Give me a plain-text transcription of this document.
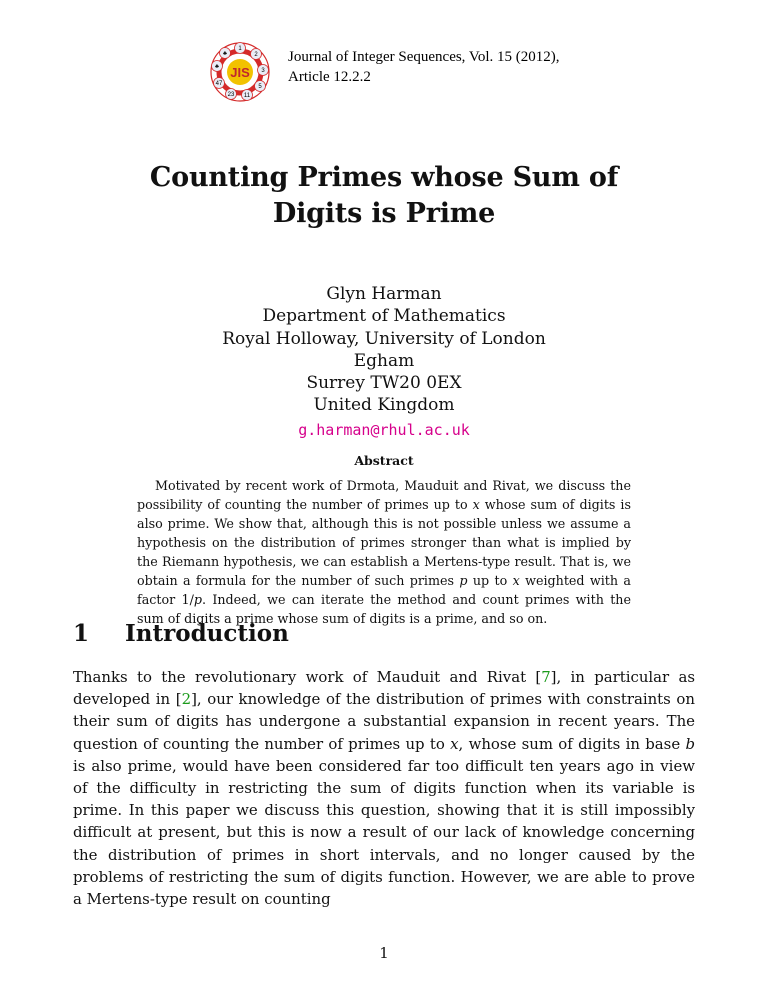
JIS
1
2
3
5
11
23
47
♣
♣	Journal of Integer Sequences, Vol. 15 (2012),
Article 12.2.2
Counting Primes whose Sum of
Digits is Prime
Glyn Harman
Department of Mathematics
Royal Holloway, University of London
Egham
Surrey TW20 0EX
United Kingdom
g.harman@rhul.ac.uk
Abstract
Motivated by recent work of Drmota, Mauduit and Rivat, we discuss the possibility of counting the number of primes up to x whose sum of digits is also prime. We show that, although this is not possible unless we assume a hypothesis on the distribution of primes stronger than what is implied by the Riemann hypothesis, we can establish a Mertens-type result. That is, we obtain a formula for the number of such primes p up to x weighted with a factor 1/p. Indeed, we can iterate the method and count primes with the sum of digits a prime whose sum of digits is a prime, and so on.
1 Introduction
Thanks to the revolutionary work of Mauduit and Rivat [7], in particular as developed in [2], our knowledge of the distribution of primes with constraints on their sum of digits has undergone a substantial expansion in recent years. The question of counting the number of primes up to x, whose sum of digits in base b is also prime, would have been considered far too difficult ten years ago in view of the difficulty in restricting the sum of digits function when its variable is prime. In this paper we discuss this question, showing that it is still impossibly difficult at present, but this is now a result of our lack of knowledge concerning the distribution of primes in short intervals, and no longer caused by the problems of restricting the sum of digits function. However, we are able to prove a Mertens-type result on counting
1
